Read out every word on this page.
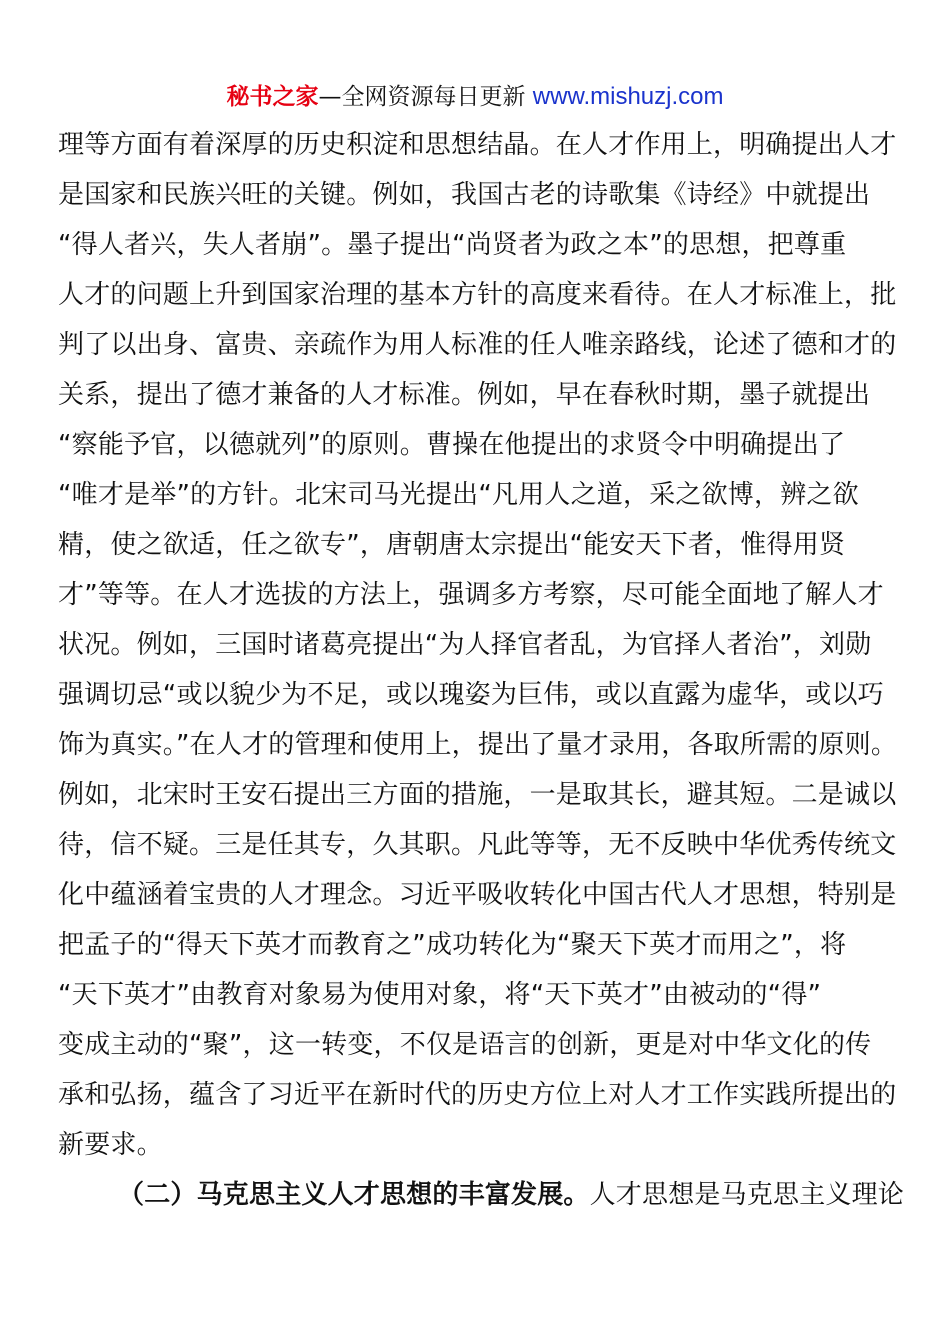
秘书之家—全网资源每日更新 www.mishuzj.com
理等方面有着深厚的历史积淀和思想结晶。在人才作用上，明确提出人才
是国家和民族兴旺的关键。例如，我国古老的诗歌集《诗经》中就提出
“得人者兴，失人者崩”。墨子提出“尚贤者为政之本”的思想，把尊重
人才的问题上升到国家治理的基本方针的高度来看待。在人才标准上，批
判了以出身、富贵、亲疏作为用人标准的任人唯亲路线，论述了德和才的
关系，提出了德才兼备的人才标准。例如，早在春秋时期，墨子就提出
“察能予官，以德就列”的原则。曹操在他提出的求贤令中明确提出了
“唯才是举”的方针。北宋司马光提出“凡用人之道，采之欲博，辨之欲
精，使之欲适，任之欲专”，唐朝唐太宗提出“能安天下者，惟得用贤
才”等等。在人才选拔的方法上，强调多方考察，尽可能全面地了解人才
状况。例如，三国时诸葛亮提出“为人择官者乱，为官择人者治”，刘勋
强调切忌“或以貌少为不足，或以瑰姿为巨伟，或以直露为虚华，或以巧
饰为真实。”在人才的管理和使用上，提出了量才录用，各取所需的原则。
例如，北宋时王安石提出三方面的措施，一是取其长，避其短。二是诚以
待，信不疑。三是任其专，久其职。凡此等等，无不反映中华优秀传统文
化中蕴涵着宝贵的人才理念。习近平吸收转化中国古代人才思想，特别是
把孟子的“得天下英才而教育之”成功转化为“聚天下英才而用之”，将
“天下英才”由教育对象易为使用对象，将“天下英才”由被动的“得”
变成主动的“聚”，这一转变，不仅是语言的创新，更是对中华文化的传
承和弘扬，蕴含了习近平在新时代的历史方位上对人才工作实践所提出的
新要求。
（二）马克思主义人才思想的丰富发展。人才思想是马克思主义理论
